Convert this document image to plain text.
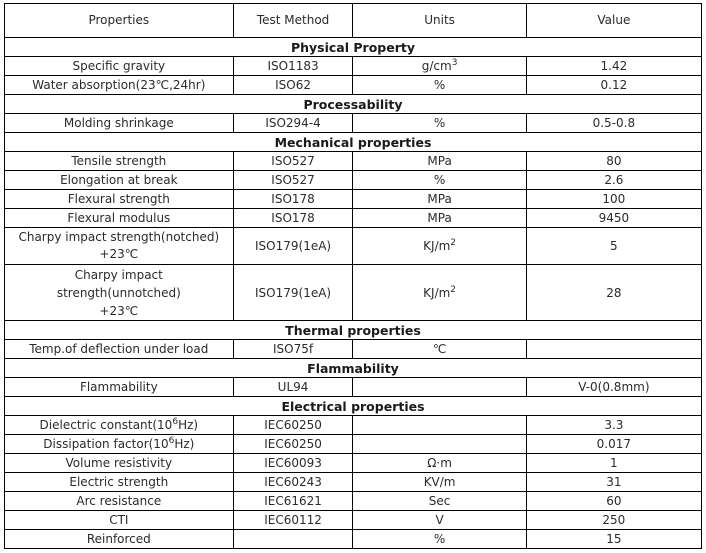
Properties	Test Method	Units	Value
Physical Property			
Specific gravity	ISO1183	$g/cm^3$	1.42
Water absorption(23℃,24hr)	ISO62	%	0.12
Processability			
Molding shrinkage	ISO294-4	%	0.5-0.8
Mechanical properties			
Tensile strength	ISO527	MPa	80
Elongation at break	ISO527	%	2.6
Flexural strength	ISO178	MPa	100
Flexural modulus	ISO178	MPa	9450

Charpy impact strength(notched)
+23℃	ISO179(1eA)	$KJ/m^2$	5

Charpy impact
strength(unnotched)
+23℃	ISO179(1eA)	$KJ/m^2$	28
Thermal properties			
Temp.of deflection under load	ISO75f	℃	
Flammability			
Flammability	UL94		V-0(0.8mm)
Electrical properties			
Dielectric $constant(10^6Hz)$	IEC60250		3.3
Dissipation $factor(10^6Hz)$	IEC60250		0.017
Volume resistivity	IEC60093	Ω·m	1
Electric strength	IEC60243	KV/m	31
Arc resistance	IEC61621	Sec	60
CTI	IEC60112	V	250
Reinforced		%	15
